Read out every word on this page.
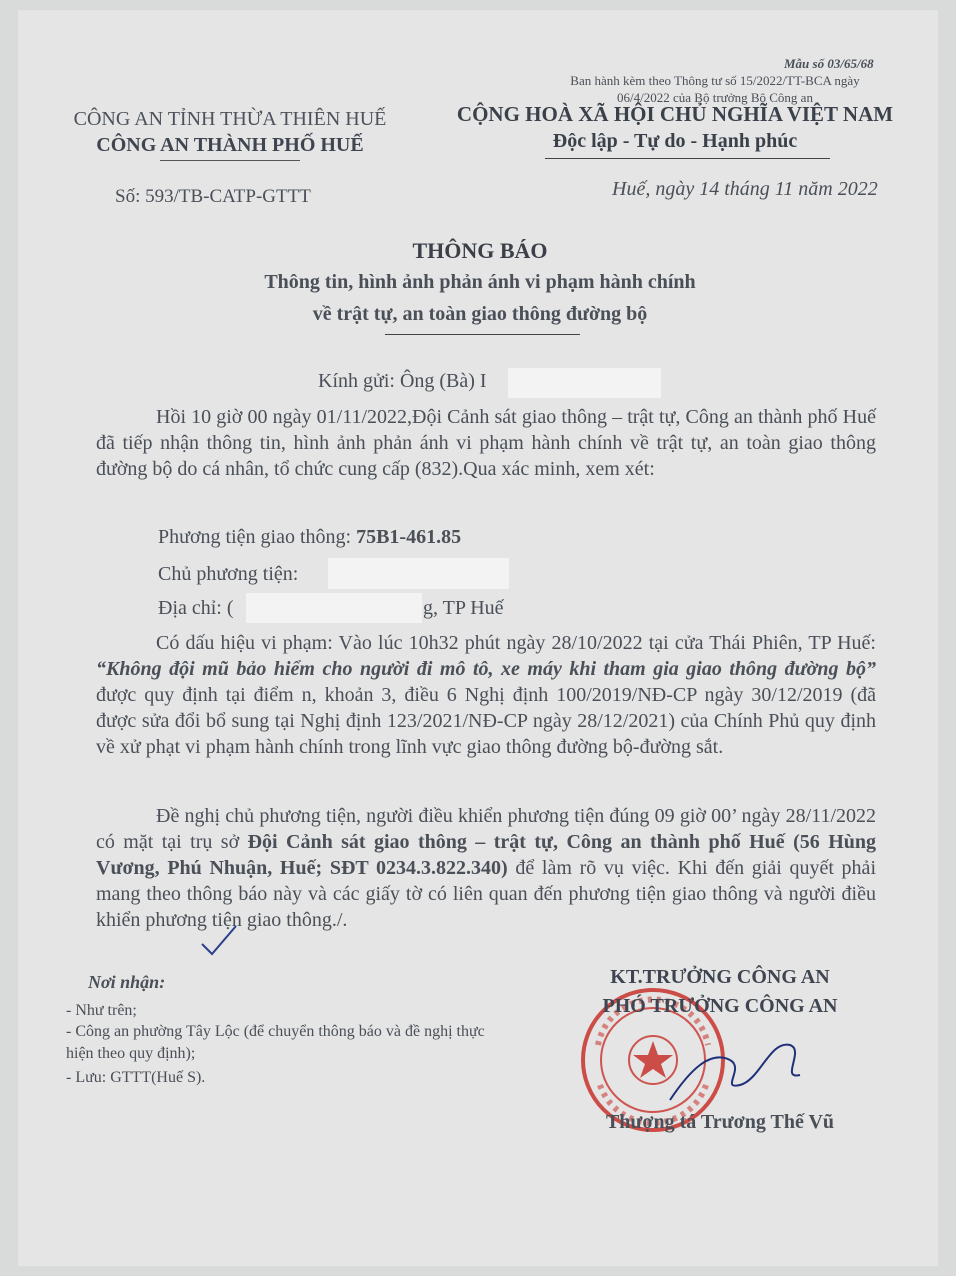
Mẫu số 03/65/68
Ban hành kèm theo Thông tư số 15/2022/TT-BCA ngày 06/4/2022 của Bộ trưởng Bộ Công an
CÔNG AN TỈNH THỪA THIÊN HUẾ
CÔNG AN THÀNH PHỐ HUẾ
CỘNG HOÀ XÃ HỘI CHỦ NGHĨA VIỆT NAM
Độc lập - Tự do - Hạnh phúc
Số: 593/TB-CATP-GTTT	Huế, ngày 14 tháng 11 năm 2022
THÔNG BÁO
Thông tin, hình ảnh phản ánh vi phạm hành chính
về trật tự, an toàn giao thông đường bộ
Kính gửi: Ông (Bà) I
Hồi 10 giờ 00 ngày 01/11/2022,Đội Cảnh sát giao thông – trật tự, Công an thành phố Huế đã tiếp nhận thông tin, hình ảnh phản ánh vi phạm hành chính về trật tự, an toàn giao thông đường bộ do cá nhân, tổ chức cung cấp (832).Qua xác minh, xem xét:
Phương tiện giao thông: 75B1-461.85
Chủ phương tiện:
Địa chỉ: (	g, TP Huế
Có dấu hiệu vi phạm: Vào lúc 10h32 phút ngày 28/10/2022 tại cửa Thái Phiên, TP Huế: “Không đội mũ bảo hiểm cho người đi mô tô, xe máy khi tham gia giao thông đường bộ” được quy định tại điểm n, khoản 3, điều 6 Nghị định 100/2019/NĐ-CP ngày 30/12/2019 (đã được sửa đổi bổ sung tại Nghị định 123/2021/NĐ-CP ngày 28/12/2021) của Chính Phủ quy định về xử phạt vi phạm hành chính trong lĩnh vực giao thông đường bộ-đường sắt.
Đề nghị chủ phương tiện, người điều khiển phương tiện đúng 09 giờ 00’ ngày 28/11/2022 có mặt tại trụ sở Đội Cảnh sát giao thông – trật tự, Công an thành phố Huế (56 Hùng Vương, Phú Nhuận, Huế; SĐT 0234.3.822.340) để làm rõ vụ việc. Khi đến giải quyết phải mang theo thông báo này và các giấy tờ có liên quan đến phương tiện giao thông và người điều khiển phương tiện giao thông./.
Nơi nhận:
- Như trên;
- Công an phường Tây Lộc (để chuyển thông báo và đề nghị thực hiện theo quy định);
- Lưu: GTTT(Huế S).
KT.TRƯỞNG CÔNG AN
PHÓ TRƯỞNG CÔNG AN
Thượng tá Trương Thế Vũ
